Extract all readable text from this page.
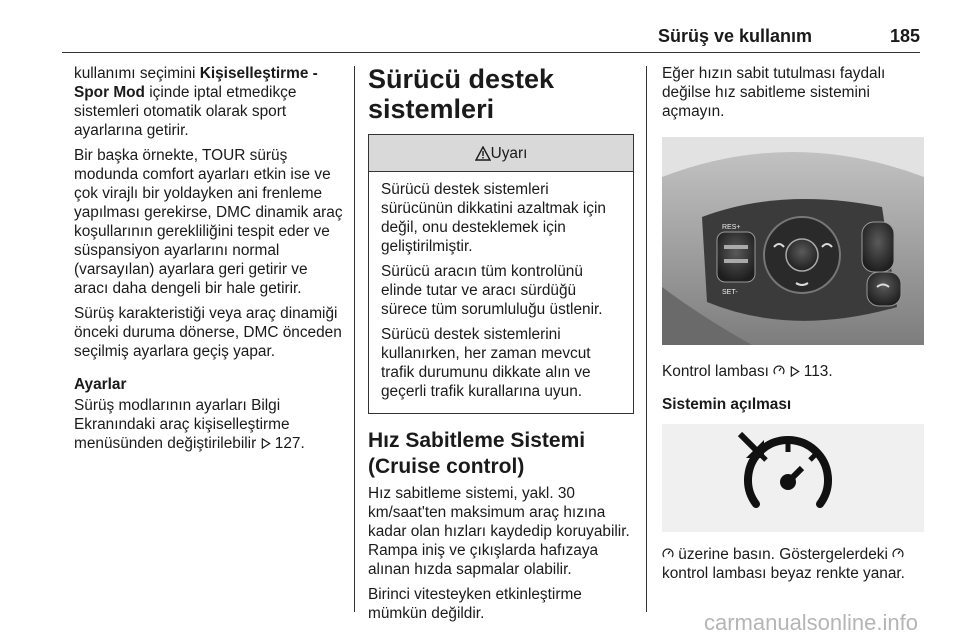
Sürüş ve kullanım	185

kullanımı seçimini Kişiselleştirme - Spor Mod içinde iptal etmedikçe sistemleri otomatik olarak sport ayarlarına getirir.

Bir başka örnekte, TOUR sürüş modunda comfort ayarları etkin ise ve çok virajlı bir yoldayken ani frenleme yapılması gerekirse, DMC dinamik araç koşullarının gerekliliğini tespit eder ve süspansiyon ayarlarını normal (varsayılan) ayarlara geri getirir ve aracı daha dengeli bir hale getirir.

Sürüş karakteristiği veya araç dinamiği önceki duruma dönerse, DMC önceden seçilmiş ayarlara geçiş yapar.

Ayarlar

Sürüş modlarının ayarları Bilgi Ekranındaki araç kişiselleştirme menüsünden değiştirilebilir  127.

Sürücü destek sistemleri
Uyarı

Sürücü destek sistemleri sürücünün dikkatini azaltmak için değil, onu desteklemek için geliştirilmiştir.

Sürücü aracın tüm kontrolünü elinde tutar ve aracı sürdüğü sürece tüm sorumluluğu üstlenir.

Sürücü destek sistemlerini kullanırken, her zaman mevcut trafik durumunu dikkate alın ve geçerli trafik kurallarına uyun.

Hız Sabitleme Sistemi (Cruise control)

Hız sabitleme sistemi, yakl. 30 km/saat'ten maksimum araç hızına kadar olan hızları kaydedip koruyabilir. Rampa iniş ve çıkışlarda hafızaya alınan hızda sapmalar olabilir.

Birinci vitesteyken etkinleştirme mümkün değildir.

Eğer hızın sabit tutulması faydalı değilse hız sabitleme sistemini açmayın.

RES+
SET-

Kontrol lambası   113.

Sistemin açılması

üzerine basın. Göstergelerdeki  kontrol lambası beyaz renkte yanar.

carmanualsonline.info
